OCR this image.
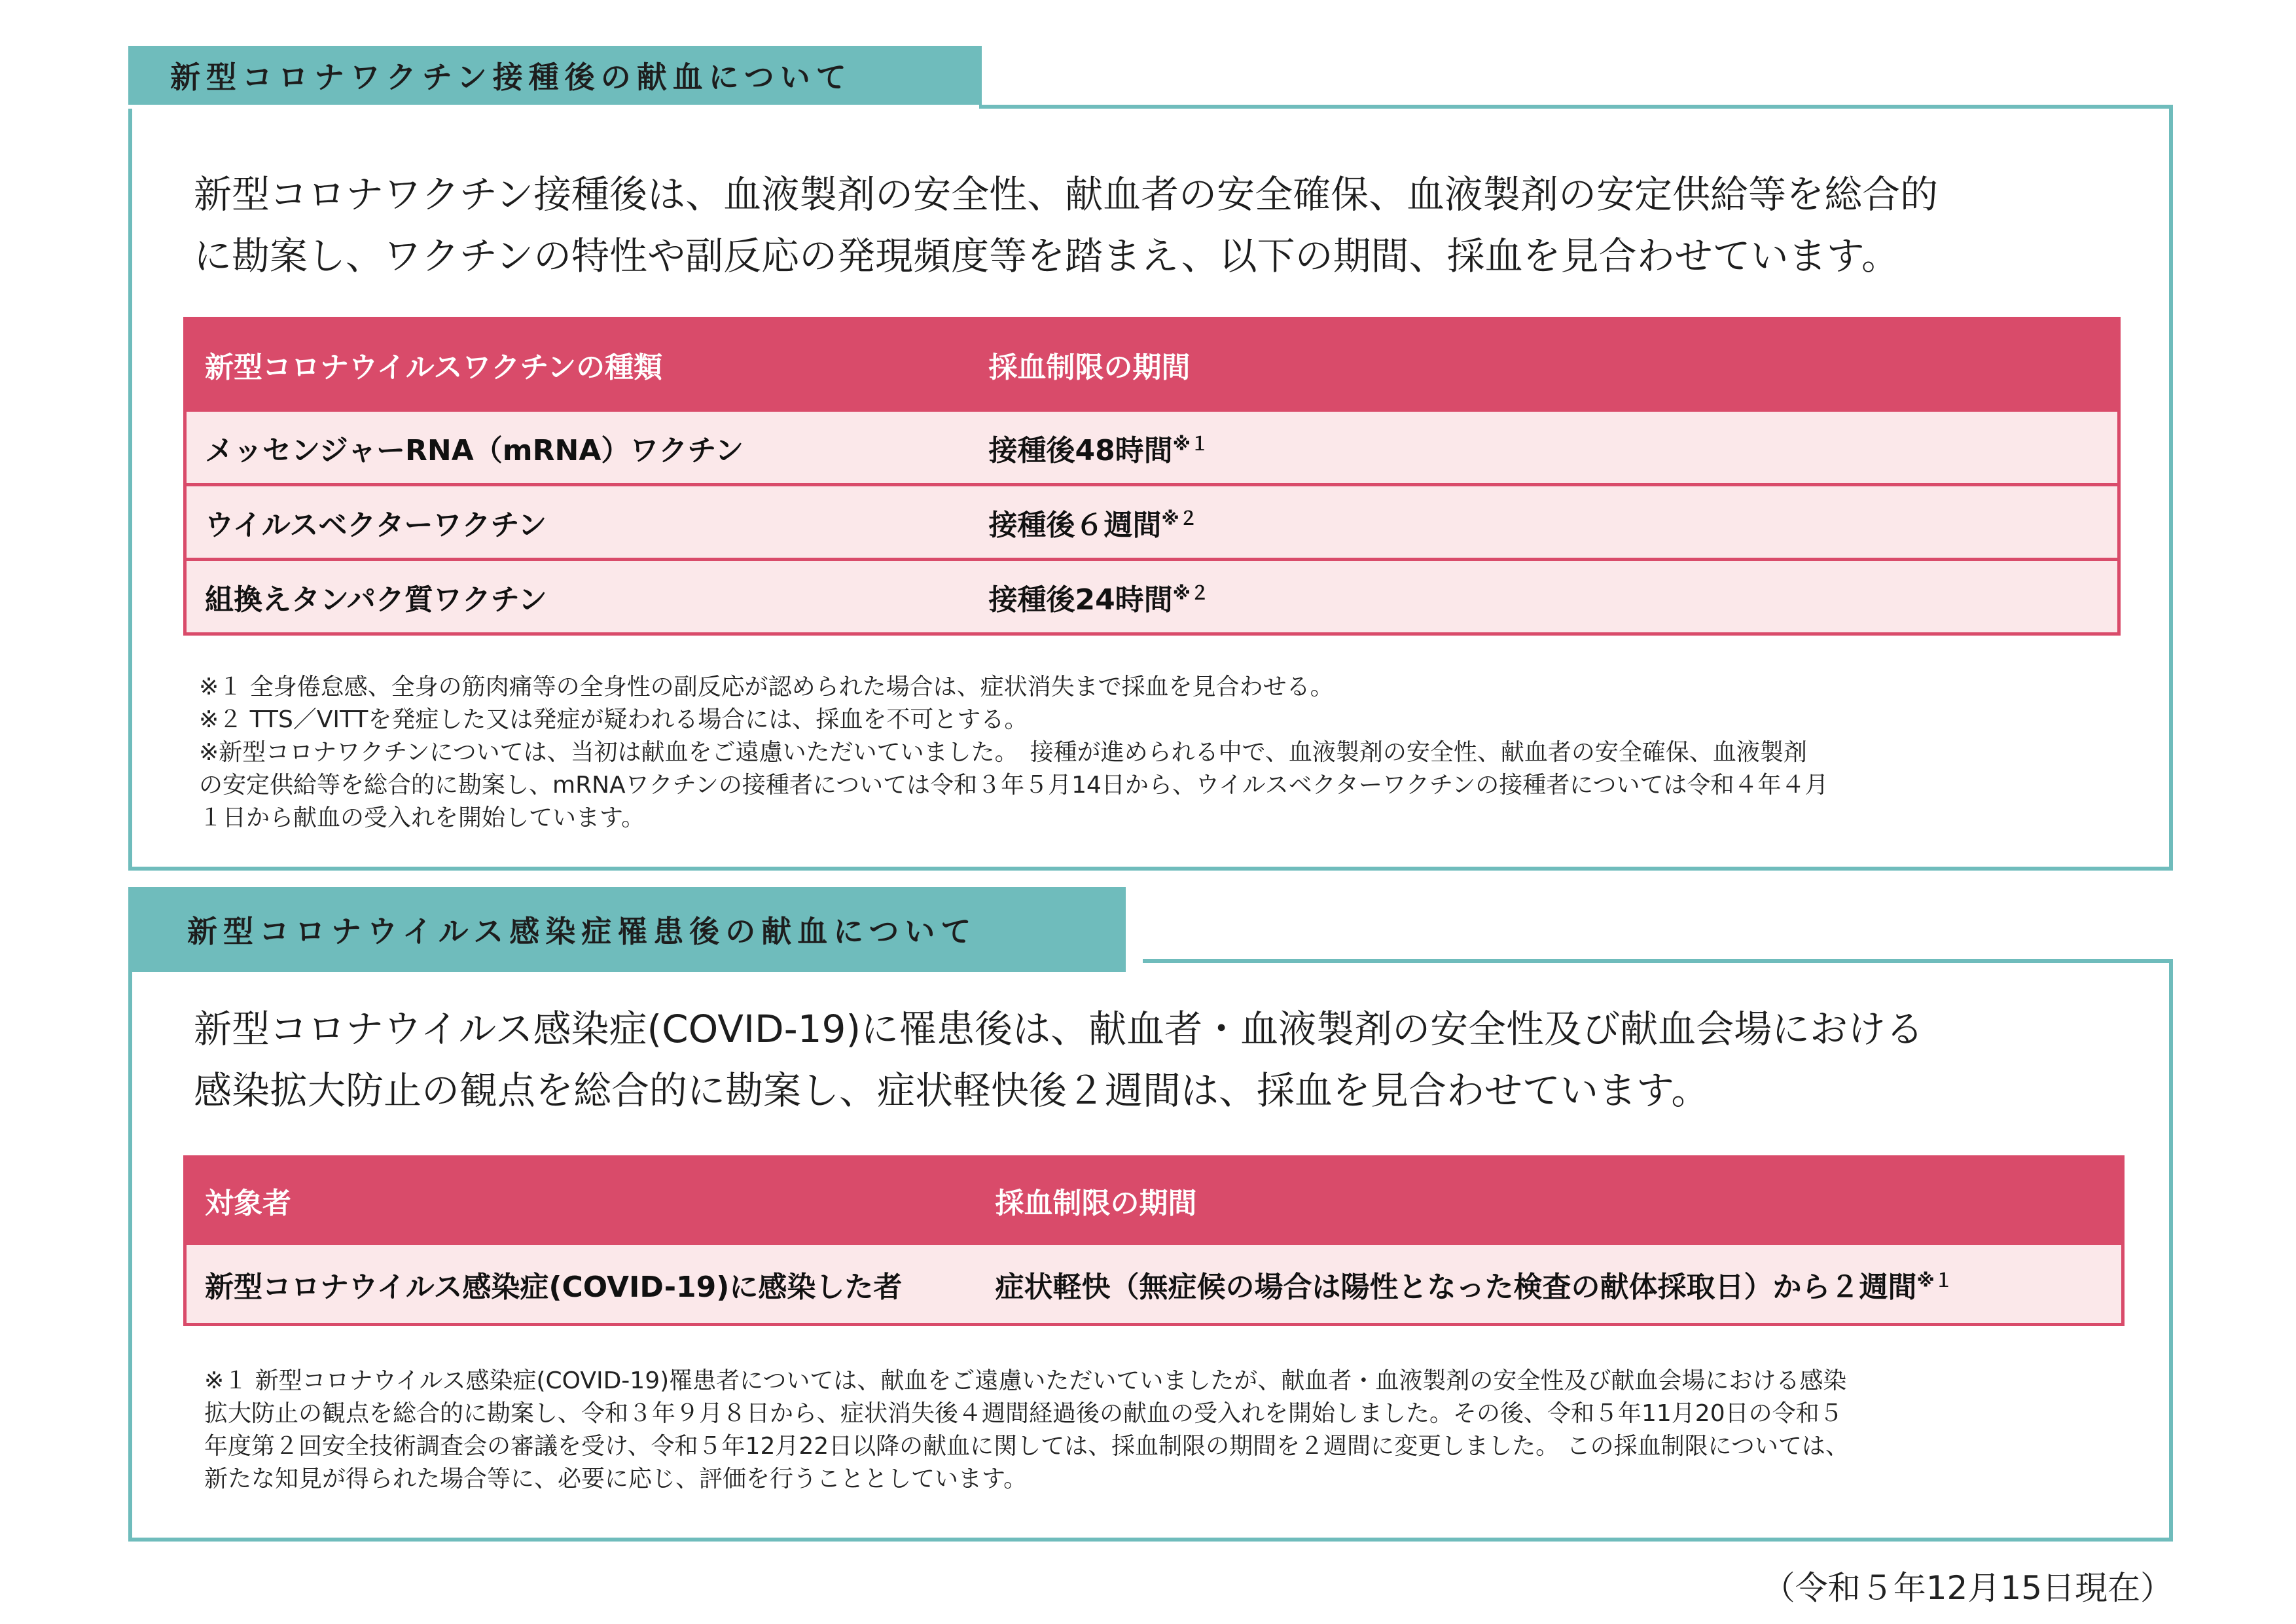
新型コロナワクチン接種後の献血について
新型コロナワクチン接種後は、血液製剤の安全性、献血者の安全確保、血液製剤の安定供給等を総合的
に勘案し、ワクチンの特性や副反応の発現頻度等を踏まえ、以下の期間、採血を見合わせています。
新型コロナウイルスワクチンの種類	採血制限の期間
メッセンジャーRNA（mRNA）ワクチン	接種後48時間$^{※1}$
ウイルスベクターワクチン	接種後６週間$^{※2}$
組換えタンパク質ワクチン	接種後24時間$^{※2}$
※１ 全身倦怠感、全身の筋肉痛等の全身性の副反応が認められた場合は、症状消失まで採血を見合わせる。
※２ TTS／VITTを発症した又は発症が疑われる場合には、採血を不可とする。
※新型コロナワクチンについては、当初は献血をご遠慮いただいていました。　接種が進められる中で、血液製剤の安全性、献血者の安全確保、血液製剤
の安定供給等を総合的に勘案し、mRNAワクチンの接種者については令和３年５月14日から、ウイルスベクターワクチンの接種者については令和４年４月
１日から献血の受入れを開始しています。
新型コロナウイルス感染症罹患後の献血について
新型コロナウイルス感染症(COVID-19)に罹患後は、献血者・血液製剤の安全性及び献血会場における
感染拡大防止の観点を総合的に勘案し、症状軽快後２週間は、採血を見合わせています。
対象者	採血制限の期間
新型コロナウイルス感染症(COVID-19)に感染した者	症状軽快（無症候の場合は陽性となった検査の献体採取日）から２週間$^{※1}$
※１ 新型コロナウイルス感染症(COVID-19)罹患者については、献血をご遠慮いただいていましたが、献血者・血液製剤の安全性及び献血会場における感染
拡大防止の観点を総合的に勘案し、令和３年９月８日から、症状消失後４週間経過後の献血の受入れを開始しました。その後、令和５年11月20日の令和５
年度第２回安全技術調査会の審議を受け、令和５年12月22日以降の献血に関しては、採血制限の期間を２週間に変更しました。 この採血制限については、
新たな知見が得られた場合等に、必要に応じ、評価を行うこととしています。
（令和５年12月15日現在）
